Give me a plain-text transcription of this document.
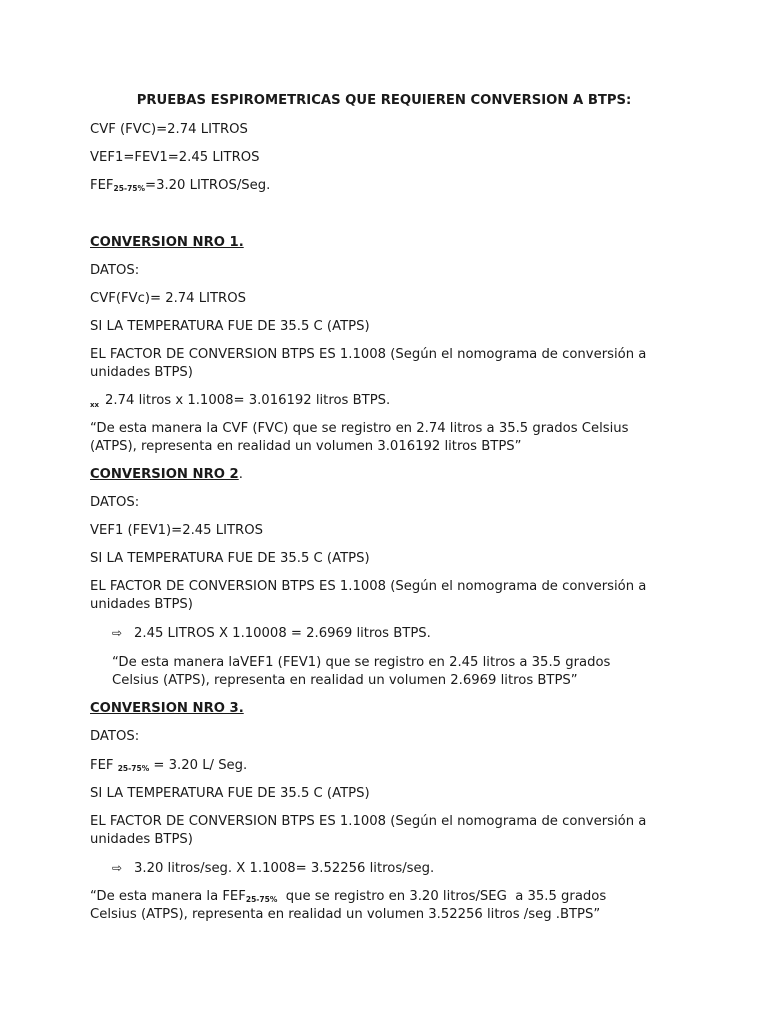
PRUEBAS ESPIROMETRICAS QUE REQUIEREN CONVERSION A BTPS:

CVF (FVC)=2.74 LITROS

VEF1=FEV1=2.45 LITROS

$FEF_{25-75\%}=3.20$ LITROS/Seg.

CONVERSION NRO 1.

DATOS:

CVF(FVc)= 2.74 LITROS

SI LA TEMPERATURA FUE DE 35.5 C (ATPS)

EL FACTOR DE CONVERSION BTPS ES 1.1008 (Según el nomograma de conversión a

unidades BTPS)

$_{xx}$ 2.74 litros x 1.1008= 3.016192 litros BTPS.

“De esta manera la CVF (FVC) que se registro en 2.74 litros a 35.5 grados Celsius

(ATPS), representa en realidad un volumen 3.016192 litros BTPS”

CONVERSION NRO 2.

DATOS:

VEF1 (FEV1)=2.45 LITROS

SI LA TEMPERATURA FUE DE 35.5 C (ATPS)

EL FACTOR DE CONVERSION BTPS ES 1.1008 (Según el nomograma de conversión a

unidades BTPS)

⇨ 2.45 LITROS X 1.10008 = 2.6969 litros BTPS.

“De esta manera laVEF1 (FEV1) que se registro en 2.45 litros a 35.5 grados

Celsius (ATPS), representa en realidad un volumen 2.6969 litros BTPS”

CONVERSION NRO 3.

DATOS:

FEF $_{25-75\%}$ = 3.20 L/ Seg.

SI LA TEMPERATURA FUE DE 35.5 C (ATPS)

EL FACTOR DE CONVERSION BTPS ES 1.1008 (Según el nomograma de conversión a

unidades BTPS)

⇨ 3.20 litros/seg. X 1.1008= 3.52256 litros/seg.

“De esta manera la $FEF_{25-75\%}$  que se registro en 3.20 litros/SEG  a 35.5 grados

Celsius (ATPS), representa en realidad un volumen 3.52256 litros /seg .BTPS”
